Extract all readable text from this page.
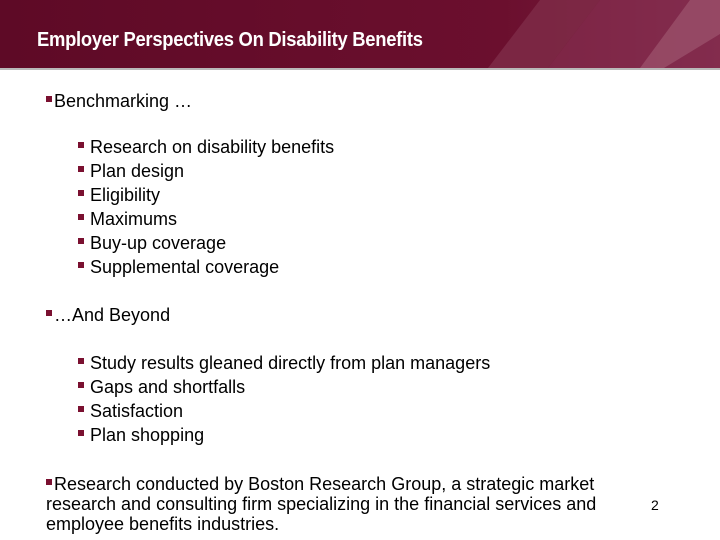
Employer Perspectives On Disability Benefits
Benchmarking …
Research on disability benefits
Plan design
Eligibility
Maximums
Buy-up coverage
Supplemental coverage
…And Beyond
Study results gleaned directly from plan managers
Gaps and shortfalls
Satisfaction
Plan shopping
Research conducted by Boston Research Group, a strategic market research and consulting firm specializing in the financial services and employee benefits industries.
2
